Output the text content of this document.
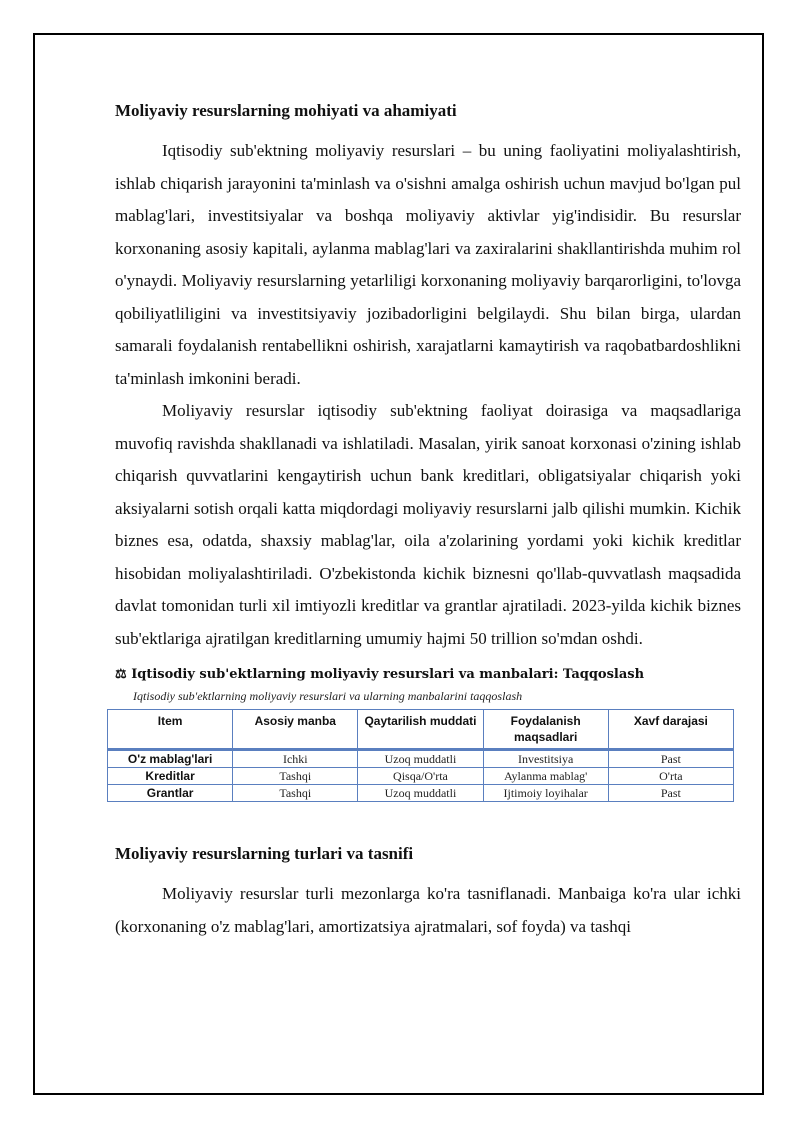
Moliyaviy resurslarning mohiyati va ahamiyati

Iqtisodiy sub'ektning moliyaviy resurslari – bu uning faoliyatini moliyalashtirish, ishlab chiqarish jarayonini ta'minlash va o'sishni amalga oshirish uchun mavjud bo'lgan pul mablag'lari, investitsiyalar va boshqa moliyaviy aktivlar yig'indisidir. Bu resurslar korxonaning asosiy kapitali, aylanma mablag'lari va zaxiralarini shakllantirishda muhim rol o'ynaydi. Moliyaviy resurslarning yetarliligi korxonaning moliyaviy barqarorligini, to'lovga qobiliyatliligini va investitsiyaviy jozibadorligini belgilaydi. Shu bilan birga, ulardan samarali foydalanish rentabellikni oshirish, xarajatlarni kamaytirish va raqobatbardoshlikni ta'minlash imkonini beradi.

Moliyaviy resurslar iqtisodiy sub'ektning faoliyat doirasiga va maqsadlariga muvofiq ravishda shakllanadi va ishlatiladi. Masalan, yirik sanoat korxonasi o'zining ishlab chiqarish quvvatlarini kengaytirish uchun bank kreditlari, obligatsiyalar chiqarish yoki aksiyalarni sotish orqali katta miqdordagi moliyaviy resurslarni jalb qilishi mumkin. Kichik biznes esa, odatda, shaxsiy mablag'lar, oila a'zolarining yordami yoki kichik kreditlar hisobidan moliyalashtiriladi. O'zbekistonda kichik biznesni qo'llab-quvvatlash maqsadida davlat tomonidan turli xil imtiyozli kreditlar va grantlar ajratiladi. 2023-yilda kichik biznes sub'ektlariga ajratilgan kreditlarning umumiy hajmi 50 trillion so'mdan oshdi.

⚖ Iqtisodiy sub'ektlarning moliyaviy resurslari va manbalari: Taqqoslash
Iqtisodiy sub'ektlarning moliyaviy resurslari va ularning manbalarini taqqoslash
Item	Asosiy manba	Qaytarilish muddati	Foydalanish maqsadlari	Xavf darajasi
O'z mablag'lari	Ichki	Uzoq muddatli	Investitsiya	Past
Kreditlar	Tashqi	Qisqa/O'rta	Aylanma mablag'	O'rta
Grantlar	Tashqi	Uzoq muddatli	Ijtimoiy loyihalar	Past
Moliyaviy resurslarning turlari va tasnifi

Moliyaviy resurslar turli mezonlarga ko'ra tasniflanadi. Manbaiga ko'ra ular ichki (korxonaning o'z mablag'lari, amortizatsiya ajratmalari, sof foyda) va tashqi
